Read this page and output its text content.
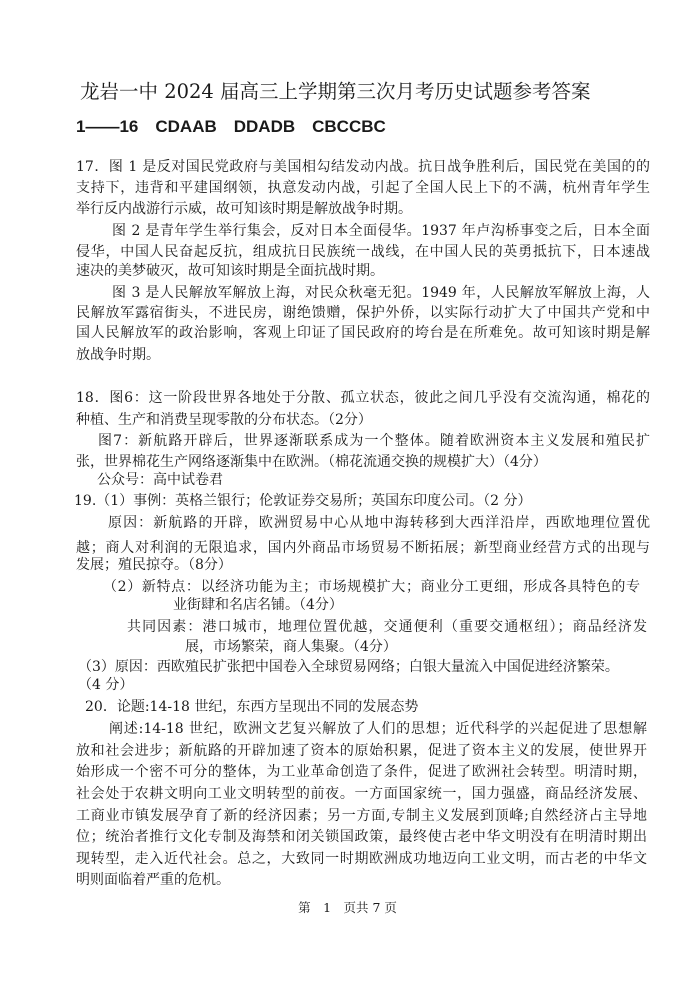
龙岩一中 2024 届高三上学期第三次月考历史试题参考答案
1——16　CDAAB　DDADB　CBCCBC
17．图 1 是反对国民党政府与美国相勾结发动内战。抗日战争胜利后，国民党在美国的的
支持下，违背和平建国纲领，执意发动内战，引起了全国人民上下的不满，杭州青年学生
举行反内战游行示威，故可知该时期是解放战争时期。
图 2 是青年学生举行集会，反对日本全面侵华。1937 年卢沟桥事变之后，日本全面
侵华，中国人民奋起反抗，组成抗日民族统一战线，在中国人民的英勇抵抗下，日本速战
速决的美梦破灭，故可知该时期是全面抗战时期。
图 3 是人民解放军解放上海，对民众秋毫无犯。1949 年，人民解放军解放上海，人
民解放军露宿街头，不进民房，谢绝馈赠，保护外侨，以实际行动扩大了中国共产党和中
国人民解放军的政治影响，客观上印证了国民政府的垮台是在所难免。故可知该时期是解
放战争时期。
18．图6：这一阶段世界各地处于分散、孤立状态，彼此之间几乎没有交流沟通，棉花的
种植、生产和消费呈现零散的分布状态。（2分）
图7：新航路开辟后，世界逐渐联系成为一个整体。随着欧洲资本主义发展和殖民扩
张，世界棉花生产网络逐渐集中在欧洲。（棉花流通交换的规模扩大）（4分）
公众号：高中试卷君
19.（1）事例：英格兰银行；伦敦证券交易所；英国东印度公司。（2 分）
原因：新航路的开辟，欧洲贸易中心从地中海转移到大西洋沿岸，西欧地理位置优
越；商人对利润的无限追求，国内外商品市场贸易不断拓展；新型商业经营方式的出现与
发展；殖民掠夺。（8分）
（2）新特点：以经济功能为主；市场规模扩大；商业分工更细，形成各具特色的专
业街肆和名店名铺。（4分）
共同因素：港口城市，地理位置优越，交通便利（重要交通枢纽）；商品经济发
展，市场繁荣，商人集聚。（4分）
（3）原因：西欧殖民扩张把中国卷入全球贸易网络；白银大量流入中国促进经济繁荣。
（4 分）
20．论题:14-18 世纪，东西方呈现出不同的发展态势
阐述:14-18 世纪，欧洲文艺复兴解放了人们的思想；近代科学的兴起促进了思想解
放和社会进步；新航路的开辟加速了资本的原始积累，促进了资本主义的发展，使世界开
始形成一个密不可分的整体，为工业革命创造了条件，促进了欧洲社会转型。明清时期，
社会处于农耕文明向工业文明转型的前夜。一方面国家统一，国力强盛，商品经济发展、
工商业市镇发展孕育了新的经济因素；另一方面,专制主义发展到顶峰;自然经济占主导地
位；统治者推行文化专制及海禁和闭关锁国政策，最终使古老中华文明没有在明清时期出
现转型，走入近代社会。总之，大致同一时期欧洲成功地迈向工业文明，而古老的中华文
明则面临着严重的危机。
第　1　页共 7 页
